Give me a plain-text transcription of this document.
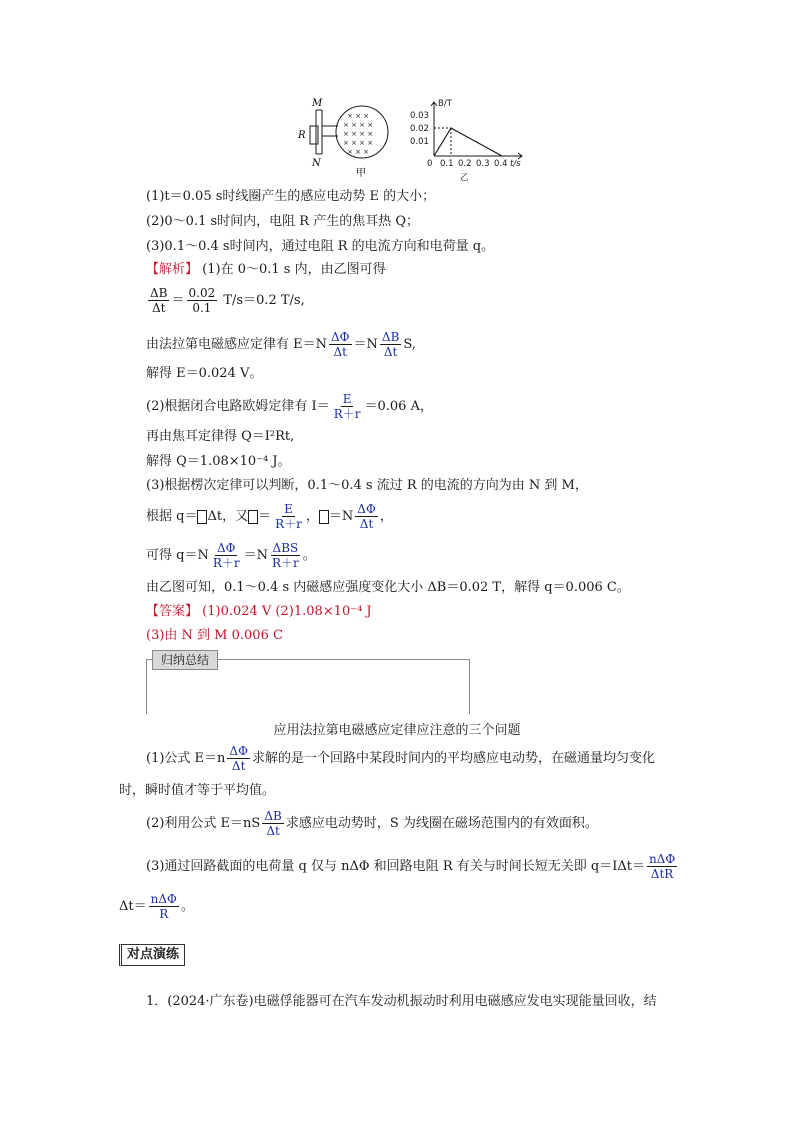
× × ×
× × × ×
× × × ×
× × × ×
× × ×
M
R
N
甲
B/T
0.03
0.02
0.01
0 0.1 0.2 0.3 0.4 t/s
乙
(1)t＝0.05 s时线圈产生的感应电动势 E 的大小；
(2)0～0.1 s时间内，电阻 R 产生的焦耳热 Q；
(3)0.1～0.4 s时间内，通过电阻 R 的电流方向和电荷量 q。
【解析】 (1)在 0～0.1 s 内，由乙图可得
$\frac{\Delta B}{\Delta t} = \frac{0.02}{0.1} T/s=0.2$ T/s,
由法拉第电磁感应定律有 $E=N \frac{\Delta\Phi}{\Delta t} =N \frac{\Delta B}{\Delta t} S$,
解得 E＝0.024 V。
(2)根据闭合电路欧姆定律有 $I= \frac{E}{R+r} =0.06$ A，
再由焦耳定律得 Q＝I²Rt,
解得 Q＝1.08×10⁻⁴ J。
(3)根据楞次定律可以判断，0.1～0.4 s 流过 R 的电流的方向为由 N 到 M，
根据 q＝ Δt，又 ＝ $\frac{E}{R+r}$ ， $=N \frac{\Delta\Phi}{\Delta t}$ ，
可得 $q=N \frac{\Delta\Phi}{R+r} =N \frac{\text{ΔBS}}{R+r}$ 。
由乙图可知，0.1～0.4 s 内磁感应强度变化大小 ΔB＝0.02 T，解得 q＝0.006 C。
【答案】 (1)0.024 V (2)1.08×10⁻⁴ J
(3)由 N 到 M 0.006 C
归纳总结
应用法拉第电磁感应定律应注意的三个问题
(1)公式 $E=n \frac{\Delta\Phi}{\Delta t}$ 求解的是一个回路中某段时间内的平均感应电动势，在磁通量均匀变化
时，瞬时值才等于平均值。
(2)利用公式 $E=nS \frac{\Delta B}{\Delta t}$ 求感应电动势时，S 为线圈在磁场范围内的有效面积。
(3)通过回路截面的电荷量 q 仅与 nΔΦ 和回路电阻 R 有关与时间长短无关即 $q=I\Delta t= \frac{\text{nΔΦ}}{\text{ΔtR}}$
$\Delta t= \frac{\text{nΔΦ}}{R}$ 。
对点演练
1．(2024·广东卷)电磁俘能器可在汽车发动机振动时利用电磁感应发电实现能量回收，结
